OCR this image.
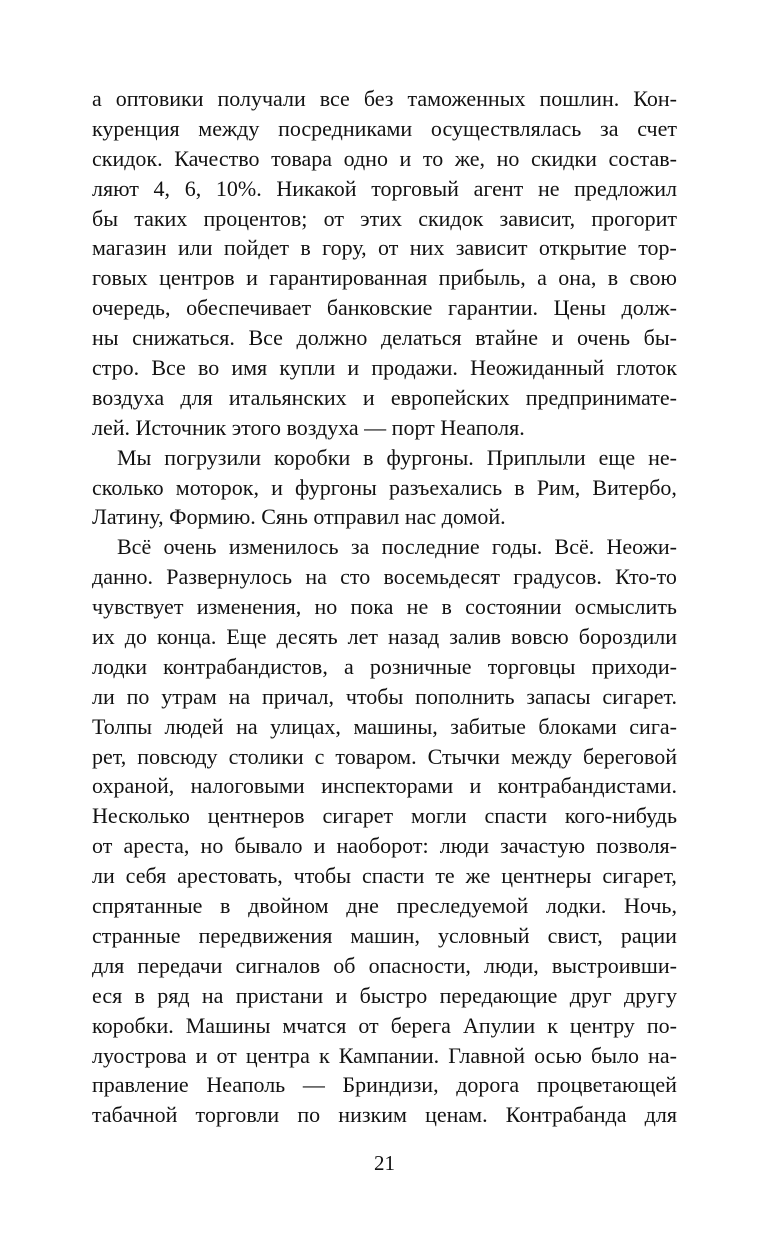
а оптовики получали все без таможенных пошлин. Кон-
куренция между посредниками осуществлялась за счет
скидок. Качество товара одно и то же, но скидки состав-
ляют 4, 6, 10%. Никакой торговый агент не предложил
бы таких процентов; от этих скидок зависит, прогорит
магазин или пойдет в гору, от них зависит открытие тор-
говых центров и гарантированная прибыль, а она, в свою
очередь, обеспечивает банковские гарантии. Цены долж-
ны снижаться. Все должно делаться втайне и очень бы-
стро. Все во имя купли и продажи. Неожиданный глоток
воздуха для итальянских и европейских предпринимате-
лей. Источник этого воздуха — порт Неаполя.
Мы погрузили коробки в фургоны. Приплыли еще не-
сколько моторок, и фургоны разъехались в Рим, Витербо,
Латину, Формию. Сянь отправил нас домой.
Всё очень изменилось за последние годы. Всё. Неожи-
данно. Развернулось на сто восемьдесят градусов. Кто-то
чувствует изменения, но пока не в состоянии осмыслить
их до конца. Еще десять лет назад залив вовсю бороздили
лодки контрабандистов, а розничные торговцы приходи-
ли по утрам на причал, чтобы пополнить запасы сигарет.
Толпы людей на улицах, машины, забитые блоками сига-
рет, повсюду столики с товаром. Стычки между береговой
охраной, налоговыми инспекторами и контрабандистами.
Несколько центнеров сигарет могли спасти кого-нибудь
от ареста, но бывало и наоборот: люди зачастую позволя-
ли себя арестовать, чтобы спасти те же центнеры сигарет,
спрятанные в двойном дне преследуемой лодки. Ночь,
странные передвижения машин, условный свист, рации
для передачи сигналов об опасности, люди, выстроивши-
еся в ряд на пристани и быстро передающие друг другу
коробки. Машины мчатся от берега Апулии к центру по-
луострова и от центра к Кампании. Главной осью было на-
правление Неаполь — Бриндизи, дорога процветающей
табачной торговли по низким ценам. Контрабанда для
21
